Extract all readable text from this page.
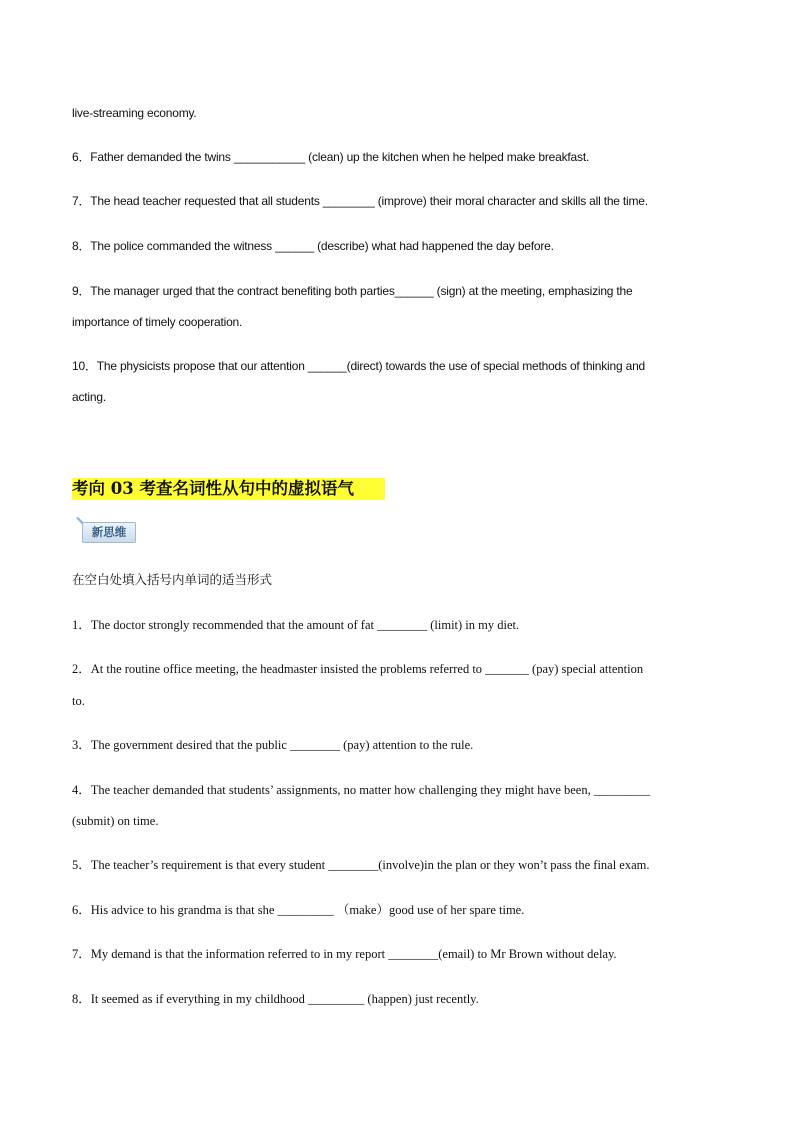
live-streaming economy.
6．Father demanded the twins ___________ (clean) up the kitchen when he helped make breakfast.
7．The head teacher requested that all students ________ (improve) their moral character and skills all the time.
8．The police commanded the witness ______ (describe) what had happened the day before.
9．The manager urged that the contract benefiting both parties______ (sign) at the meeting, emphasizing the
importance of timely cooperation.
10．The physicists propose that our attention ______(direct) towards the use of special methods of thinking and
acting.
考向 03 考查名词性从句中的虚拟语气
新思维
在空白处填入括号内单词的适当形式
1．The doctor strongly recommended that the amount of fat ________ (limit) in my diet.
2．At the routine office meeting, the headmaster insisted the problems referred to _______ (pay) special attention
to.
3．The government desired that the public ________ (pay) attention to the rule.
4．The teacher demanded that students’ assignments, no matter how challenging they might have been, _________
(submit) on time.
5．The teacher’s requirement is that every student ________(involve)in the plan or they won’t pass the final exam.
6．His advice to his grandma is that she _________ （make）good use of her spare time.
7．My demand is that the information referred to in my report ________(email) to Mr Brown without delay.
8．It seemed as if everything in my childhood _________ (happen) just recently.
